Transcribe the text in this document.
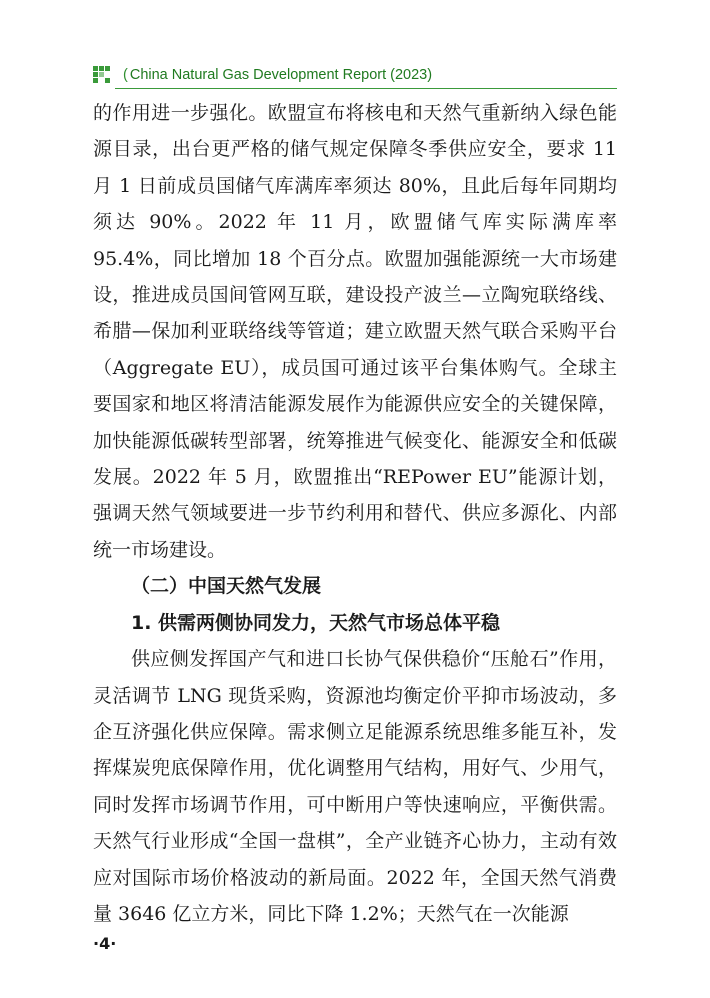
( China Natural Gas Development Report (2023)

的作用进一步强化。欧盟宣布将核电和天然气重新纳入绿色能源目录，出台更严格的储气规定保障冬季供应安全，要求 11 月 1 日前成员国储气库满库率须达 80%，且此后每年同期均须达 90%。2022 年 11 月，欧盟储气库实际满库率 95.4%，同比增加 18 个百分点。欧盟加强能源统一大市场建设，推进成员国间管网互联，建设投产波兰—立陶宛联络线、希腊—保加利亚联络线等管道；建立欧盟天然气联合采购平台（Aggregate EU），成员国可通过该平台集体购气。全球主要国家和地区将清洁能源发展作为能源供应安全的关键保障，加快能源低碳转型部署，统筹推进气候变化、能源安全和低碳发展。2022 年 5 月，欧盟推出“REPower EU”能源计划，强调天然气领域要进一步节约利用和替代、供应多源化、内部统一市场建设。

（二）中国天然气发展

1. 供需两侧协同发力，天然气市场总体平稳

供应侧发挥国产气和进口长协气保供稳价“压舱石”作用，灵活调节 LNG 现货采购，资源池均衡定价平抑市场波动，多企互济强化供应保障。需求侧立足能源系统思维多能互补，发挥煤炭兜底保障作用，优化调整用气结构，用好气、少用气，同时发挥市场调节作用，可中断用户等快速响应，平衡供需。天然气行业形成“全国一盘棋”，全产业链齐心协力，主动有效应对国际市场价格波动的新局面。2022 年，全国天然气消费量 3646 亿立方米，同比下降 1.2%；天然气在一次能源

·4·
